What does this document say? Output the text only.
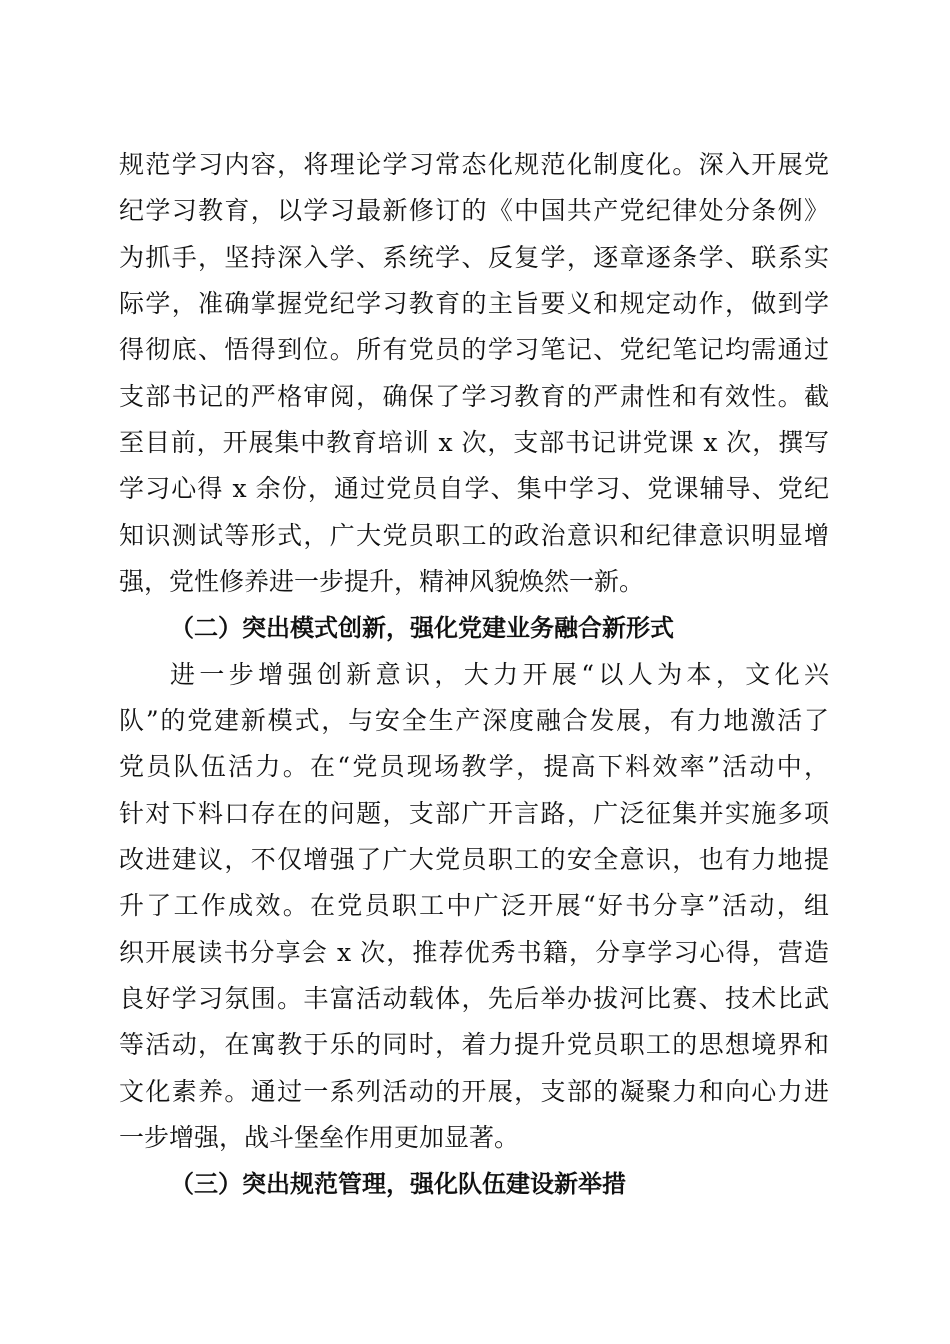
规范学习内容，将理论学习常态化规范化制度化。深入开展党

纪学习教育，以学习最新修订的《中国共产党纪律处分条例》

为抓手，坚持深入学、系统学、反复学，逐章逐条学、联系实

际学，准确掌握党纪学习教育的主旨要义和规定动作，做到学

得彻底、悟得到位。所有党员的学习笔记、党纪笔记均需通过

支部书记的严格审阅，确保了学习教育的严肃性和有效性。截

至目前，开展集中教育培训 x 次，支部书记讲党课 x 次，撰写

学习心得 x 余份，通过党员自学、集中学习、党课辅导、党纪

知识测试等形式，广大党员职工的政治意识和纪律意识明显增

强，党性修养进一步提升，精神风貌焕然一新。

（二）突出模式创新，强化党建业务融合新形式

进一步增强创新意识，大力开展“以人为本，文化兴

队”的党建新模式，与安全生产深度融合发展，有力地激活了

党员队伍活力。在“党员现场教学，提高下料效率”活动中，

针对下料口存在的问题，支部广开言路，广泛征集并实施多项

改进建议，不仅增强了广大党员职工的安全意识，也有力地提

升了工作成效。在党员职工中广泛开展“好书分享”活动，组

织开展读书分享会 x 次，推荐优秀书籍，分享学习心得，营造

良好学习氛围。丰富活动载体，先后举办拔河比赛、技术比武

等活动，在寓教于乐的同时，着力提升党员职工的思想境界和

文化素养。通过一系列活动的开展，支部的凝聚力和向心力进

一步增强，战斗堡垒作用更加显著。

（三）突出规范管理，强化队伍建设新举措
